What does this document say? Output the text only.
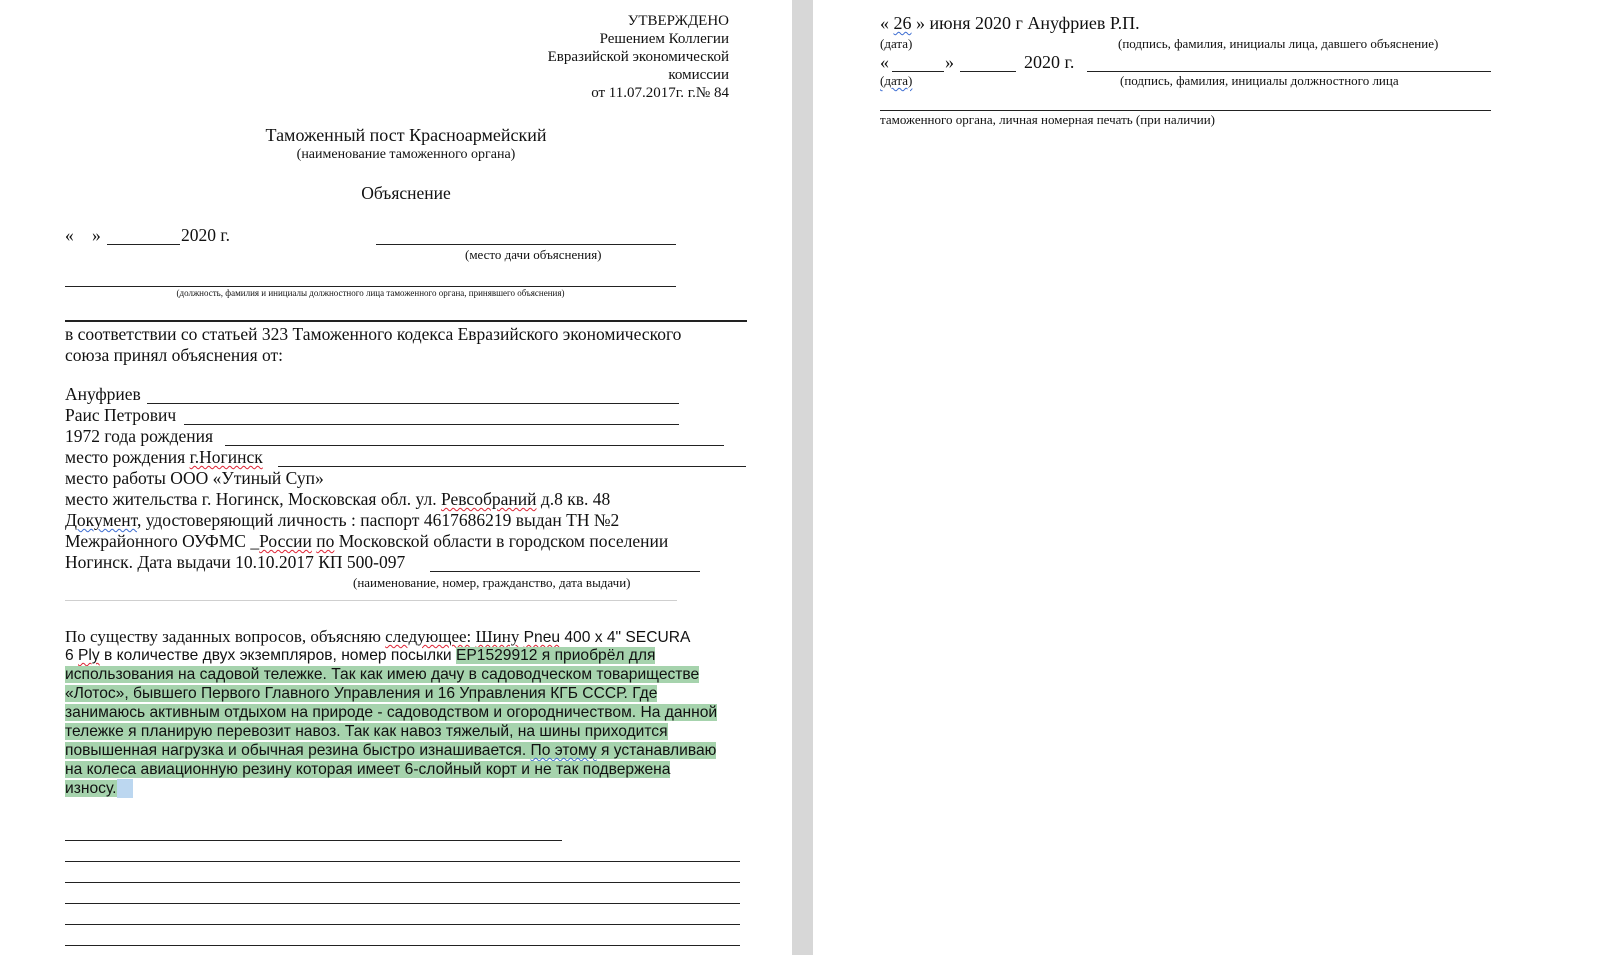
УТВЕРЖДЕНО
Решением Коллегии
Евразийской экономической
комиссии
от 11.07.2017г. г.№ 84
Таможенный пост Красноармейский
(наименование таможенного органа)
Объяснение
« »	2020 г.
(место дачи объяснения)
(должность, фамилия и инициалы должностного лица таможенного органа, принявшего объяснения)
в соответствии со статьей 323 Таможенного кодекса Евразийского экономического
союза принял объяснения от:
Ануфриев
Раис Петрович
1972 года рождения
место рождения г.Ногинск
место работы ООО «Утиный Суп»
место жительства г. Ногинск, Московская обл. ул. Ревсобраний д.8 кв. 48
Документ, удостоверяющий личность : паспорт 4617686219 выдан ТН №2
Межрайонного ОУФМС _России по Московской области в городском поселении
Ногинск. Дата выдачи 10.10.2017 КП 500-097
(наименование, номер, гражданство, дата выдачи)
По существу заданных вопросов, объясняю следующее: Шину Pneu 400 x 4" SECURA
6 Ply в количестве двух экземпляров, номер посылки EP1529912 я приобрёл для
использования на садовой тележке. Так как имею дачу в садоводческом товариществе
«Лотос», бывшего Первого Главного Управления и 16 Управления КГБ СССР. Где
занимаюсь активным отдыхом на природе - садоводством и огородничеством. На данной
тележке я планирую перевозит навоз. Так как навоз тяжелый, на шины приходится
повышенная нагрузка и обычная резина быстро изнашивается. По этому я устанавливаю
на колеса авиационную резину которая имеет 6-слойный корт и не так подвержена
износу.
« 26 » июня 2020 г Ануфриев Р.П.
(дата)	(подпись, фамилия, инициалы лица, давшего объяснение)
«	»	2020 г.
(дата)	(подпись, фамилия, инициалы должностного лица
таможенного органа, личная номерная печать (при наличии)
